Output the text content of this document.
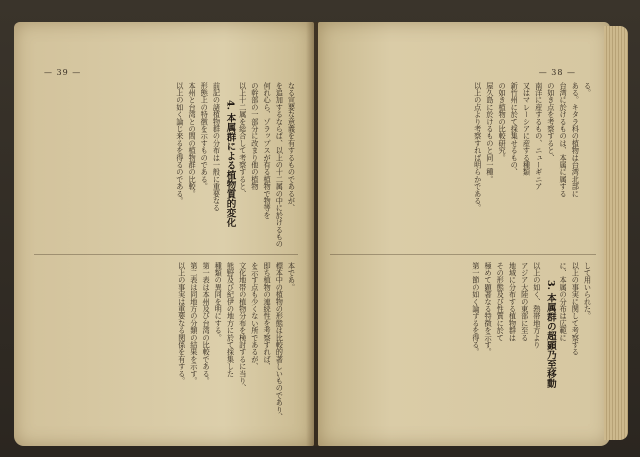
— 39 —
なる宣要な意義を有するものであるが、
を追加するならば、以上の十二属の中に於けるもの
何れ心ら、ゾラップスが有る植物で物等を
の幹部の一部分に改まり他の植物
以上十二属を総合して考察すると、
4. 本属群による植物質的変化
前記の諸植物群の分布は一般に重要なる
形態上の特徴を示すものである。
本州と台湾との間の植物群の比較。
以上の如く論じ来るを得るのである。
本であ。
標本中の植物の形態は比較的著しいものであり、
即ち植物の連続性を考察すれば、
を示す点も少くない所であるが、
文化地帯の植物分布を検討するに当り、
熊野及び紀伊の地方に於て採集した
種類の異同を明にする。
第一表は本州及び台湾の比較である。
第二表は同地方の分類の結果を示す。
以上の事実は重要なる関係を有する。
— 38 —
る。
ある。キタラ科の植物は台湾北部に
台湾に於けるものは、本属に属する
の如き点を考察すると、
南洋に産するもの、ニューギニア
又はマレーシアに産する種類
新竹州に於て採集せるもの、
の如き植物の比較研究。
屋久島に於けるものと同一種。
以上の点より考察すれば明らかである。
して用いられた。
以上の事実に関して考察する
に、本属の分布は広範に
3. 本属群の超顕乃至移動
以上の如く、熱帯地方より
アジア大陸の東部に至る
地域に分布する植物群は
その形態及び性質に於て
極めて顕著なる特徴を示す。
第一節の如く論ずるを得る。
